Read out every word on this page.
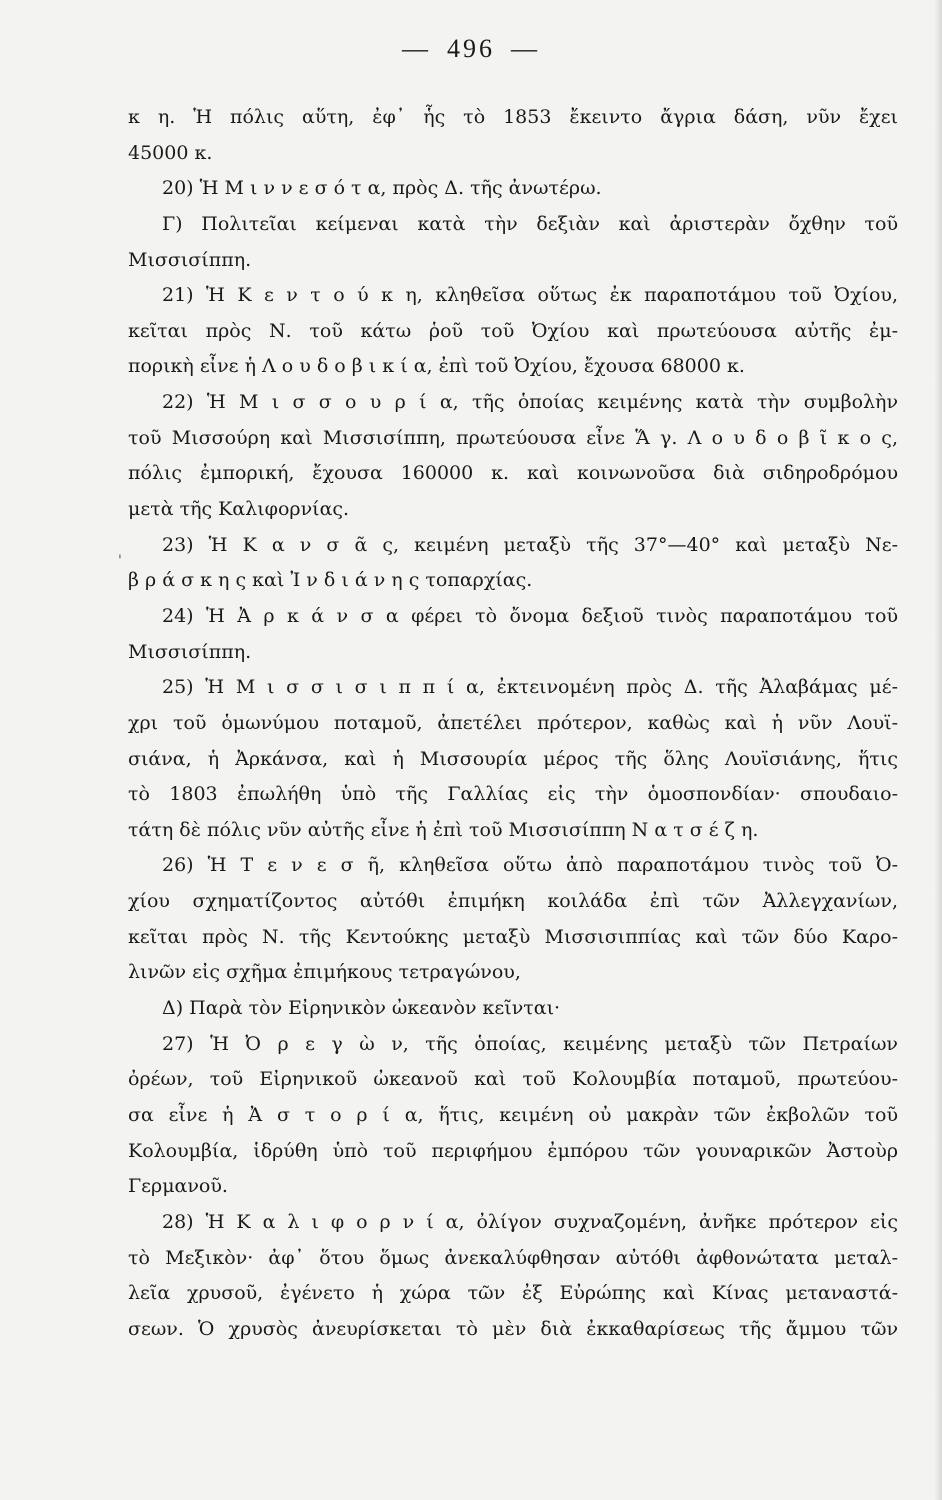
— 496 —
'
κ η. Ἡ πόλις αὕτη, ἐφ᾽ ἧς τὸ 1853 ἔκειντο ἄγρια δάση, νῦν ἔχει
45000 κ.
20) Ἡ Μ ι ν ν ε σ ό τ α, πρὸς Δ. τῆς ἀνωτέρω.
Γ) Πολιτεῖαι κείμεναι κατὰ τὴν δεξιὰν καὶ ἀριστερὰν ὄχθην τοῦ
Μισσισίππη.
21) Ἡ Κ ε ν τ ο ύ κ η, κληθεῖσα οὕτως ἐκ παραποτάμου τοῦ Ὀχίου,
κεῖται πρὸς Ν. τοῦ κάτω ῥοῦ τοῦ Ὀχίου καὶ πρωτεύουσα αὐτῆς ἐμ-
πορικὴ εἶνε ἡ Λ ο υ δ ο β ι κ ί α, ἐπὶ τοῦ Ὀχίου, ἔχουσα 68000 κ.
22) Ἡ Μ ι σ σ ο υ ρ ί α, τῆς ὁποίας κειμένης κατὰ τὴν συμβολὴν
τοῦ Μισσούρη καὶ Μισσισίππη, πρωτεύουσα εἶνε Ἅ γ. Λ ο υ δ ο β ῖ κ ο ς,
πόλις ἐμπορική, ἔχουσα 160000 κ. καὶ κοινωνοῦσα διὰ σιδηροδρόμου
μετὰ τῆς Καλιφορνίας.
23) Ἡ Κ α ν σ ᾶ ς, κειμένη μεταξὺ τῆς 37°—40° καὶ μεταξὺ Νε-
β ρ ά σ κ η ς καὶ Ἰ ν δ ι ά ν η ς τοπαρχίας.
24) Ἡ Ἀ ρ κ ά ν σ α φέρει τὸ ὄνομα δεξιοῦ τινὸς παραποτάμου τοῦ
Μισσισίππη.
25) Ἡ Μ ι σ σ ι σ ι π π ί α, ἐκτεινομένη πρὸς Δ. τῆς Ἀλαβάμας μέ-
χρι τοῦ ὁμωνύμου ποταμοῦ, ἀπετέλει πρότερον, καθὼς καὶ ἡ νῦν Λουϊ-
σιάνα, ἡ Ἀρκάνσα, καὶ ἡ Μισσουρία μέρος τῆς ὅλης Λουϊσιάνης, ἥτις
τὸ 1803 ἐπωλήθη ὑπὸ τῆς Γαλλίας εἰς τὴν ὁμοσπονδίαν· σπουδαιο-
τάτη δὲ πόλις νῦν αὐτῆς εἶνε ἡ ἐπὶ τοῦ Μισσισίππη Ν α τ σ έ ζ η.
26) Ἡ Τ ε ν ε σ ῆ, κληθεῖσα οὕτω ἀπὸ παραποτάμου τινὸς τοῦ Ὀ-
χίου σχηματίζοντος αὐτόθι ἐπιμήκη κοιλάδα ἐπὶ τῶν Ἀλλεγχανίων,
κεῖται πρὸς Ν. τῆς Κεντούκης μεταξὺ Μισσισιππίας καὶ τῶν δύο Καρο-
λινῶν εἰς σχῆμα ἐπιμήκους τετραγώνου,
Δ) Παρὰ τὸν Εἰρηνικὸν ὠκεανὸν κεῖνται·
27) Ἡ Ὀ ρ ε γ ὼ ν, τῆς ὁποίας, κειμένης μεταξὺ τῶν Πετραίων
ὀρέων, τοῦ Εἰρηνικοῦ ὠκεανοῦ καὶ τοῦ Κολουμβία ποταμοῦ, πρωτεύου-
σα εἶνε ἡ Ἀ σ τ ο ρ ί α, ἥτις, κειμένη οὐ μακρὰν τῶν ἐκβολῶν τοῦ
Κολουμβία, ἱδρύθη ὑπὸ τοῦ περιφήμου ἐμπόρου τῶν γουναρικῶν Ἀστοὺρ
Γερμανοῦ.
28) Ἡ Κ α λ ι φ ο ρ ν ί α, ὀλίγον συχναζομένη, ἀνῆκε πρότερον εἰς
τὸ Μεξικὸν· ἀφ᾽ ὅτου ὅμως ἀνεκαλύφθησαν αὐτόθι ἀφθονώτατα μεταλ-
λεῖα χρυσοῦ, ἐγένετο ἡ χώρα τῶν ἐξ Εὐρώπης καὶ Κίνας μεταναστά-
σεων. Ὁ χρυσὸς ἀνευρίσκεται τὸ μὲν διὰ ἐκκαθαρίσεως τῆς ἄμμου τῶν
